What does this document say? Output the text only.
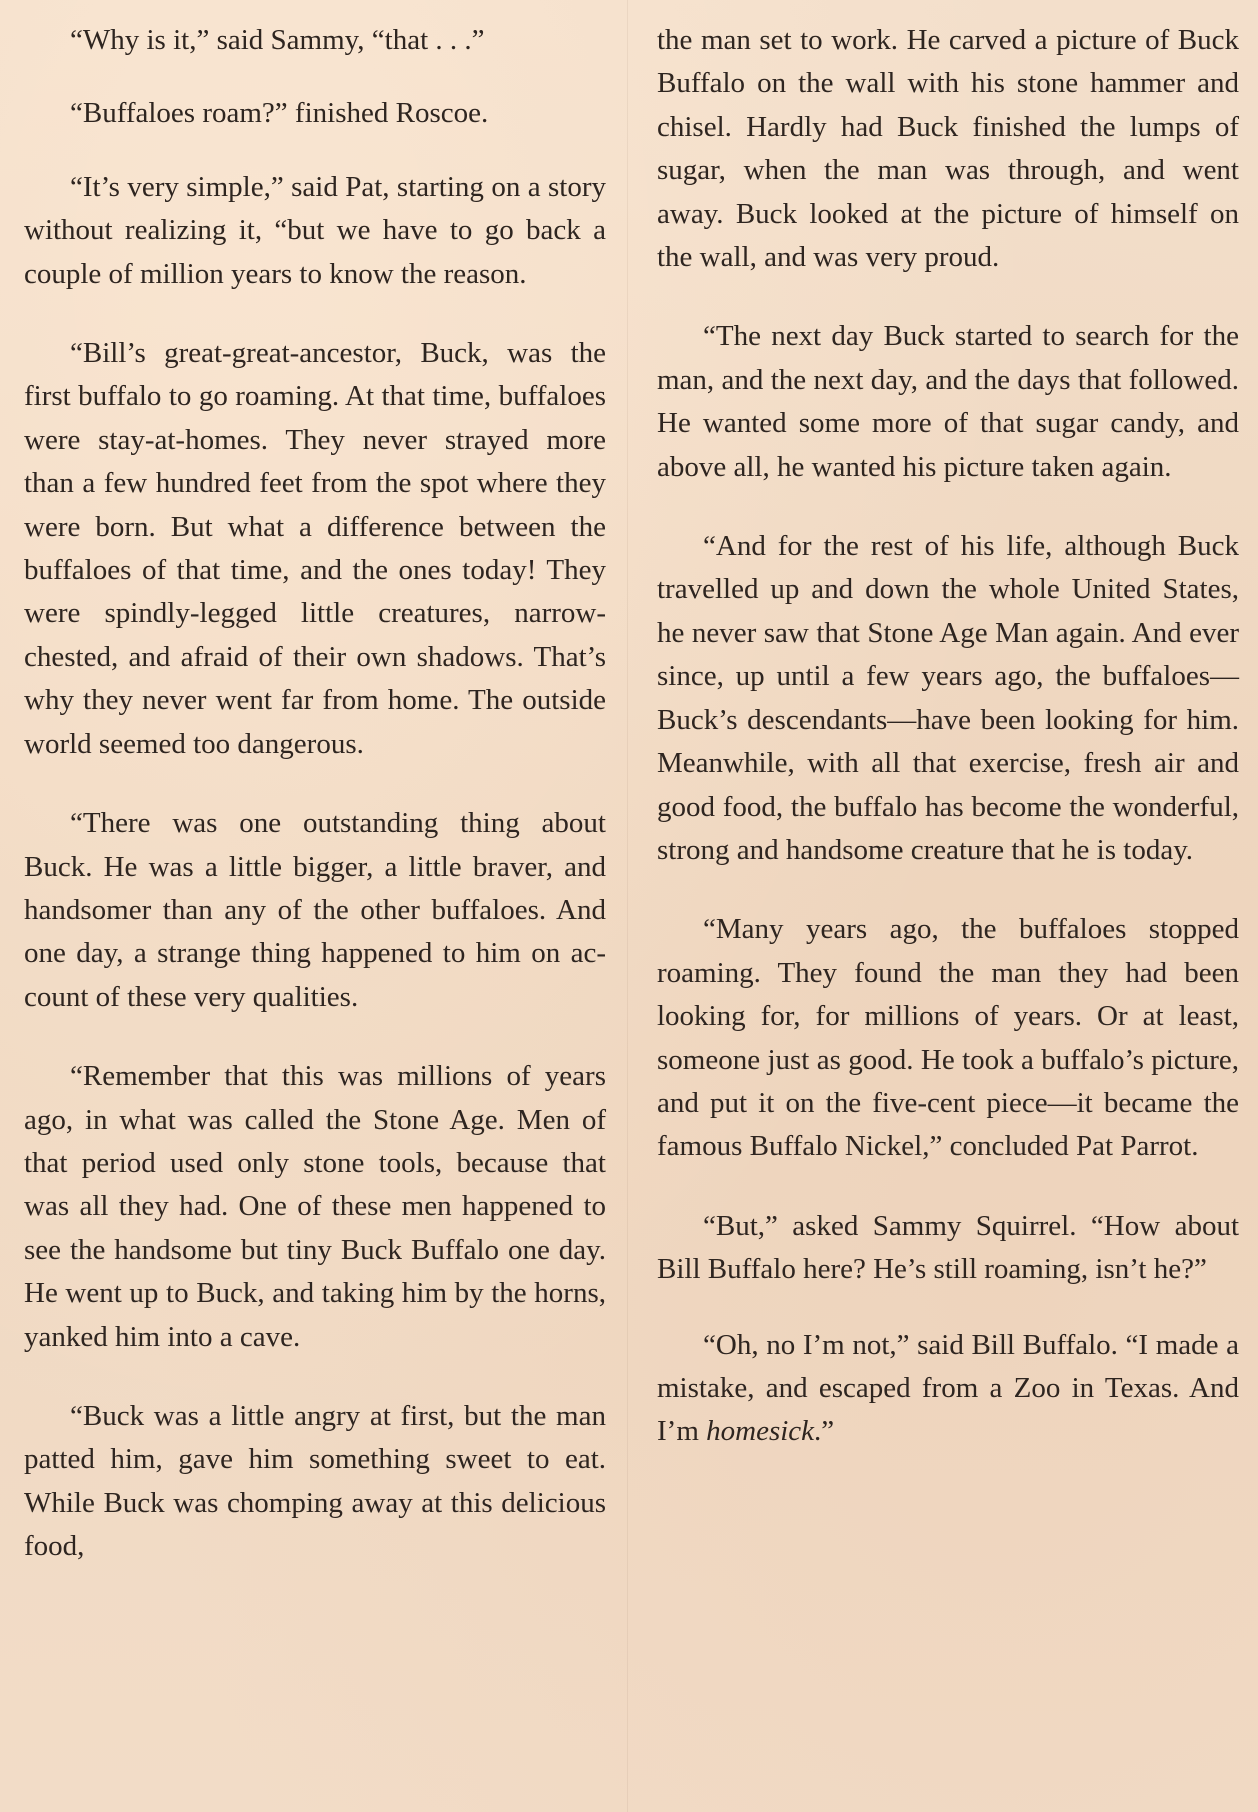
“Why is it,” said Sammy, “that . . .”

“Buffaloes roam?” finished Roscoe.

“It’s very simple,” said Pat, starting on a story without realizing it, “but we have to go back a couple of million years to know the reason.

“Bill’s great-great-ancestor, Buck, was the first buffalo to go roaming. At that time, buffaloes were stay-at-homes. They never strayed more than a few hundred feet from the spot where they were born. But what a difference between the buffaloes of that time, and the ones today! They were spindly-legged little creatures, narrow-chested, and afraid of their own shadows. That’s why they never went far from home. The outside world seemed too dangerous.

“There was one outstanding thing about Buck. He was a little bigger, a little braver, and handsomer than any of the other buffaloes. And one day, a strange thing happened to him on account of these very qualities.

“Remember that this was millions of years ago, in what was called the Stone Age. Men of that period used only stone tools, because that was all they had. One of these men happened to see the handsome but tiny Buck Buffalo one day. He went up to Buck, and taking him by the horns, yanked him into a cave.

“Buck was a little angry at first, but the man patted him, gave him something sweet to eat. While Buck was chomping away at this delicious food,

the man set to work. He carved a picture of Buck Buffalo on the wall with his stone hammer and chisel. Hardly had Buck finished the lumps of sugar, when the man was through, and went away. Buck looked at the picture of himself on the wall, and was very proud.

“The next day Buck started to search for the man, and the next day, and the days that followed. He wanted some more of that sugar candy, and above all, he wanted his picture taken again.

“And for the rest of his life, although Buck travelled up and down the whole United States, he never saw that Stone Age Man again. And ever since, up until a few years ago, the buffaloes—Buck’s descendants—have been looking for him. Meanwhile, with all that exercise, fresh air and good food, the buffalo has become the wonderful, strong and handsome creature that he is today.

“Many years ago, the buffaloes stopped roaming. They found the man they had been looking for, for millions of years. Or at least, someone just as good. He took a buffalo’s picture, and put it on the five-cent piece—it became the famous Buffalo Nickel,” concluded Pat Parrot.

“But,” asked Sammy Squirrel. “How about Bill Buffalo here? He’s still roaming, isn’t he?”

“Oh, no I’m not,” said Bill Buffalo. “I made a mistake, and escaped from a Zoo in Texas. And I’m homesick.”
